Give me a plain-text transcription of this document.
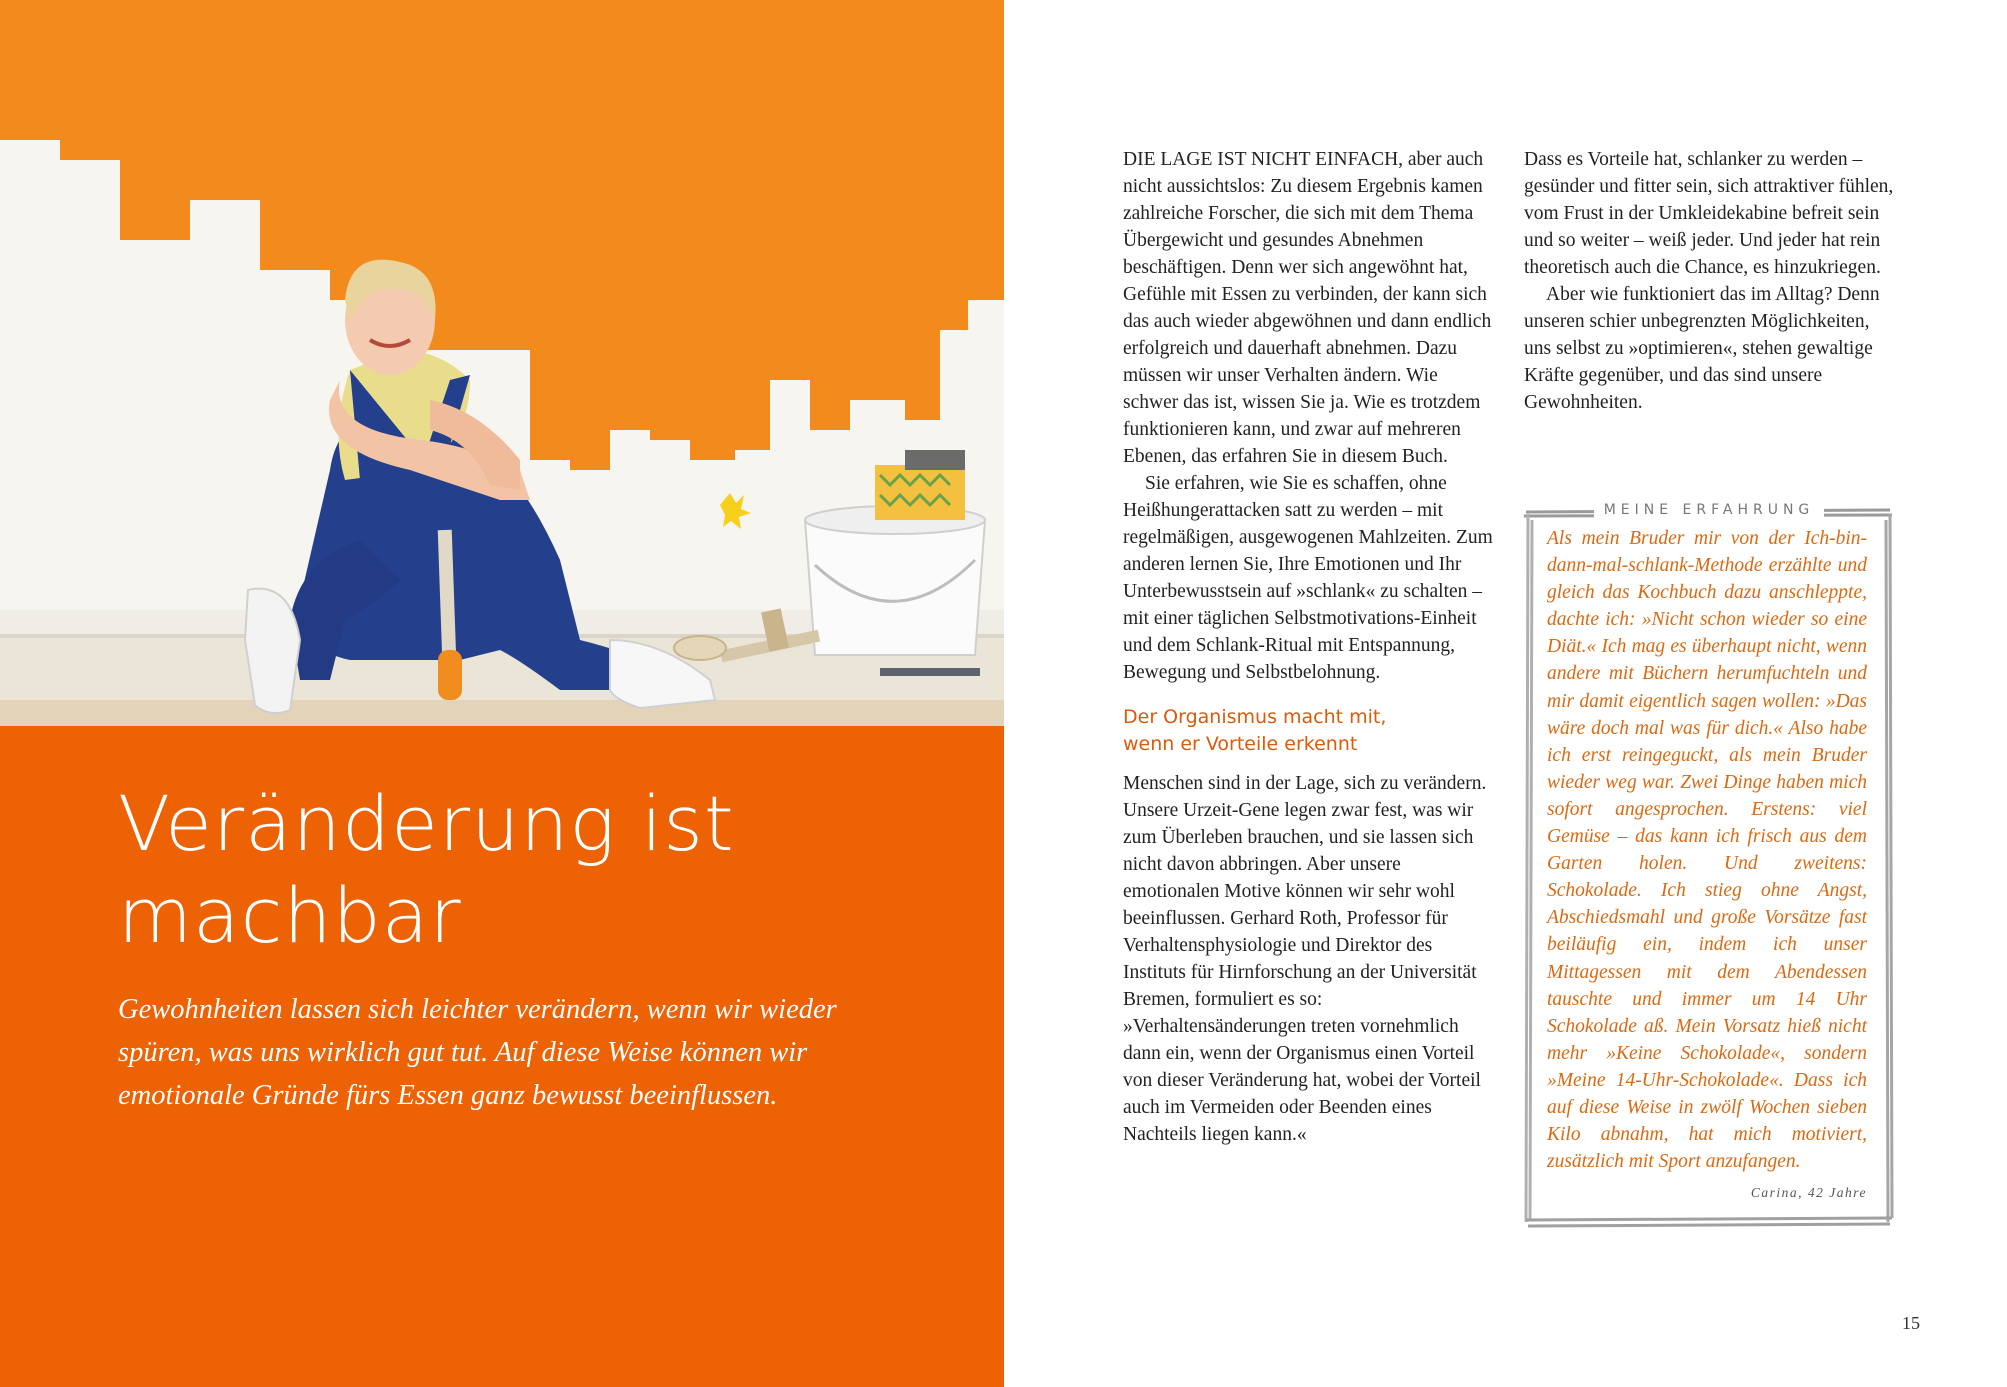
Veränderung ist
machbar

Gewohnheiten lassen sich leichter verändern, wenn wir wieder spüren, was uns wirklich gut tut. Auf diese Weise können wir emotionale Gründe fürs Essen ganz bewusst beeinflussen.

DIE LAGE IST NICHT EINFACH, aber auch nicht aussichtslos: Zu diesem Ergebnis kamen zahlreiche Forscher, die sich mit dem Thema Übergewicht und gesundes Abnehmen beschäftigen. Denn wer sich angewöhnt hat, Gefühle mit Essen zu verbinden, der kann sich das auch wieder abgewöhnen und dann endlich erfolgreich und dauerhaft abnehmen. Dazu müssen wir unser Verhalten ändern. Wie schwer das ist, wissen Sie ja. Wie es trotzdem funktionieren kann, und zwar auf mehreren Ebenen, das erfahren Sie in diesem Buch.

Sie erfahren, wie Sie es schaffen, ohne Heißhungerattacken satt zu werden – mit regelmäßigen, ausgewogenen Mahlzeiten. Zum anderen lernen Sie, Ihre Emotionen und Ihr Unterbewusstsein auf »schlank« zu schalten – mit einer täglichen Selbstmotivations-Einheit und dem Schlank-Ritual mit Entspannung, Bewegung und Selbstbelohnung.

Der Organismus macht mit,
wenn er Vorteile erkennt

Menschen sind in der Lage, sich zu verändern. Unsere Urzeit-Gene legen zwar fest, was wir zum Überleben brauchen, und sie lassen sich nicht davon abbringen. Aber unsere emotionalen Motive können wir sehr wohl beeinflussen. Gerhard Roth, Professor für Verhaltensphysiologie und Direktor des Instituts für Hirnforschung an der Universität Bremen, formuliert es so: »Verhaltensänderungen treten vornehmlich dann ein, wenn der Organismus einen Vorteil von dieser Veränderung hat, wobei der Vorteil auch im Vermeiden oder Beenden eines Nachteils liegen kann.«

Dass es Vorteile hat, schlanker zu werden – gesünder und fitter sein, sich attraktiver fühlen, vom Frust in der Umkleidekabine befreit sein und so weiter – weiß jeder. Und jeder hat rein theoretisch auch die Chance, es hinzukriegen.

Aber wie funktioniert das im Alltag? Denn unseren schier unbegrenzten Möglichkeiten, uns selbst zu »optimieren«, stehen gewaltige Kräfte gegenüber, und das sind unsere Gewohnheiten.

MEINE ERFAHRUNG

Als mein Bruder mir von der Ich-bin-dann-mal-schlank-Methode erzählte und gleich das Kochbuch dazu anschleppte, dachte ich: »Nicht schon wieder so eine Diät.« Ich mag es überhaupt nicht, wenn andere mit Büchern herumfuchteln und mir damit eigentlich sagen wollen: »Das wäre doch mal was für dich.« Also habe ich erst reingeguckt, als mein Bruder wieder weg war. Zwei Dinge haben mich sofort angesprochen. Erstens: viel Gemüse – das kann ich frisch aus dem Garten holen. Und zweitens: Schokolade. Ich stieg ohne Angst, Abschiedsmahl und große Vorsätze fast beiläufig ein, indem ich unser Mittagessen mit dem Abendessen tauschte und immer um 14 Uhr Schokolade aß. Mein Vorsatz hieß nicht mehr »Keine Schokolade«, sondern »Meine 14-Uhr-Schokolade«. Dass ich auf diese Weise in zwölf Wochen sieben Kilo abnahm, hat mich motiviert, zusätzlich mit Sport anzufangen.
Carina, 42 Jahre

15
